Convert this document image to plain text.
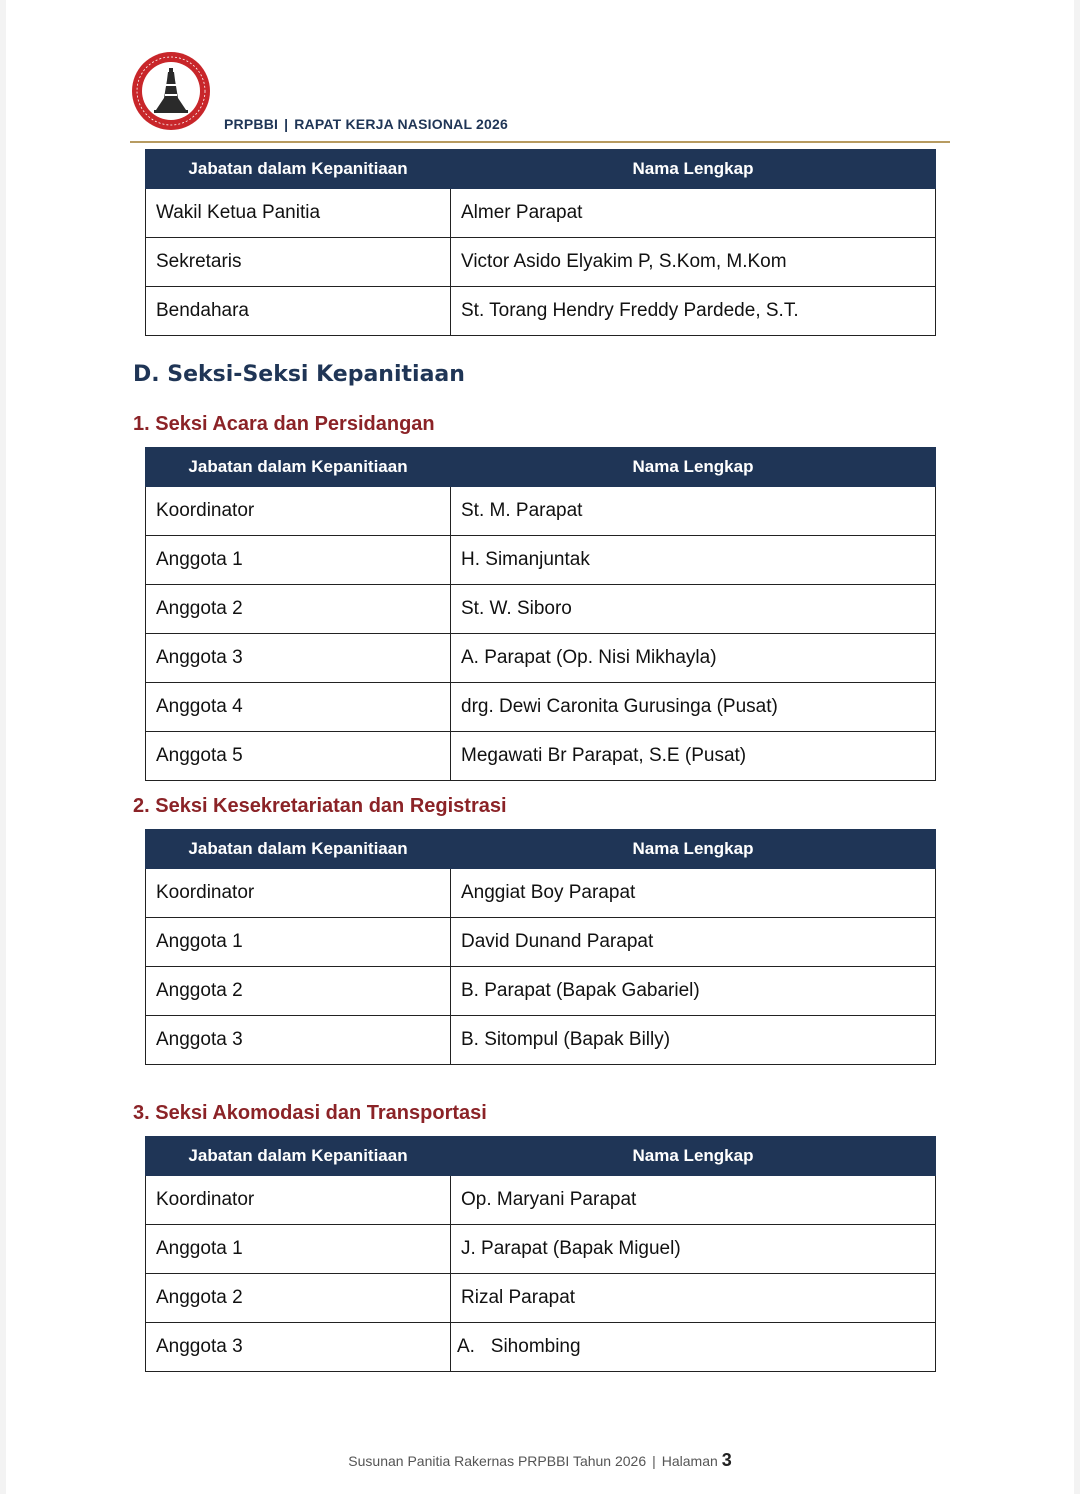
PRPBBI | RAPAT KERJA NASIONAL 2026
Jabatan dalam Kepanitiaan	Nama Lengkap
Wakil Ketua Panitia	Almer Parapat
Sekretaris	Victor Asido Elyakim P, S.Kom, M.Kom
Bendahara	St. Torang Hendry Freddy Pardede, S.T.
D. Seksi-Seksi Kepanitiaan
1. Seksi Acara dan Persidangan
Jabatan dalam Kepanitiaan	Nama Lengkap
Koordinator	St. M. Parapat
Anggota 1	H. Simanjuntak
Anggota 2	St. W. Siboro
Anggota 3	A. Parapat (Op. Nisi Mikhayla)
Anggota 4	drg. Dewi Caronita Gurusinga (Pusat)
Anggota 5	Megawati Br Parapat, S.E (Pusat)
2. Seksi Kesekretariatan dan Registrasi
Jabatan dalam Kepanitiaan	Nama Lengkap
Koordinator	Anggiat Boy Parapat
Anggota 1	David Dunand Parapat
Anggota 2	B. Parapat (Bapak Gabariel)
Anggota 3	B. Sitompul (Bapak Billy)
3. Seksi Akomodasi dan Transportasi
Jabatan dalam Kepanitiaan	Nama Lengkap
Koordinator	Op. Maryani Parapat
Anggota 1	J. Parapat (Bapak Miguel)
Anggota 2	Rizal Parapat
Anggota 3	A.   Sihombing
Susunan Panitia Rakernas PRPBBI Tahun 2026 | Halaman 3
